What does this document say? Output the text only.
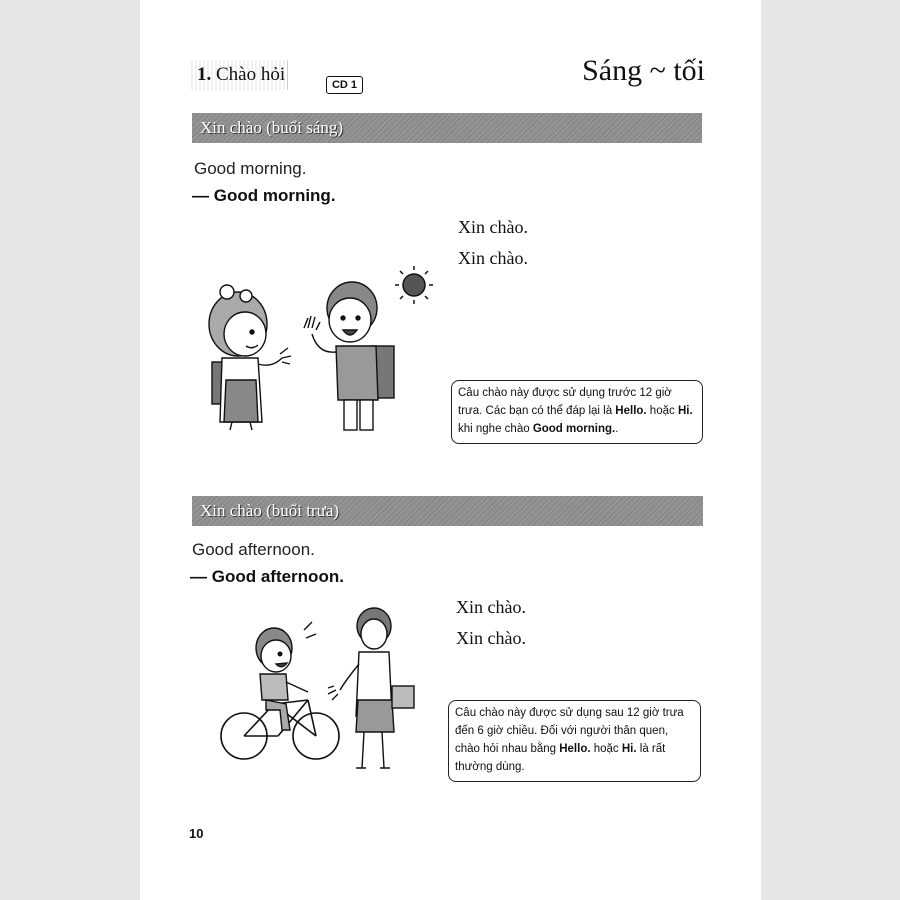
1. Chào hỏi	CD 1	Sáng ~ tối
Xin chào (buổi sáng)
Good morning.
— Good morning.
Xin chào.
Xin chào.
Câu chào này được sử dụng trước 12 giờ trưa. Các bạn có thể đáp lại là Hello. hoặc Hi. khi nghe chào Good morning..
Xin chào (buổi trưa)
Good afternoon.
— Good afternoon.
Xin chào.
Xin chào.
Câu chào này được sử dụng sau 12 giờ trưa đến 6 giờ chiều. Đối với người thân quen, chào hỏi nhau bằng Hello. hoặc Hi. là rất thường dùng.
10
